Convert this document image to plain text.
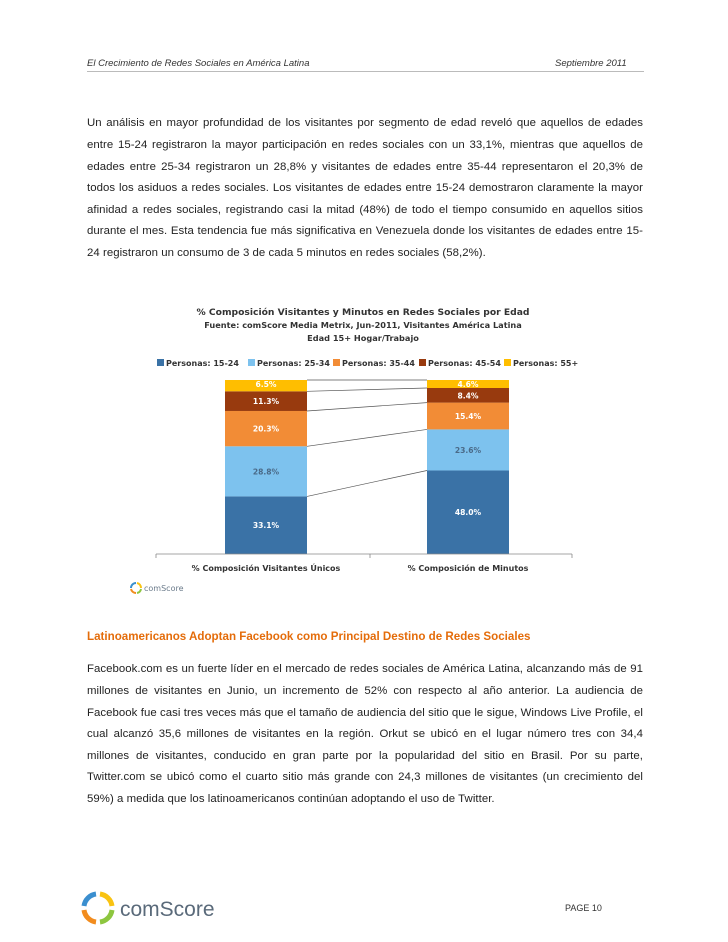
El Crecimiento de Redes Sociales en América Latina	Septiembre 2011

Un análisis en mayor profundidad de los visitantes por segmento de edad reveló que aquellos de edades entre 15-24 registraron la mayor participación en redes sociales con un 33,1%, mientras que aquellos de edades entre 25-34 registraron un 28,8% y visitantes de edades entre 35-44 representaron el 20,3% de todos los asiduos a redes sociales. Los visitantes de edades entre 15-24 demostraron claramente la mayor afinidad a redes sociales, registrando casi la mitad (48%) de todo el tiempo consumido en aquellos sitios durante el mes. Esta tendencia fue más significativa en Venezuela donde los visitantes de edades entre 15-24 registraron un consumo de 3 de cada 5 minutos en redes sociales (58,2%).

% Composición Visitantes y Minutos en Redes Sociales por Edad
Fuente: comScore Media Metrix, Jun-2011, Visitantes América Latina
Edad 15+ Hogar/Trabajo
Personas: 15-24 Personas: 25-34 Personas: 35-44 Personas: 45-54 Personas: 55+
33.1%
28.8%
20.3%
11.3%
6.5%
48.0%
23.6%
15.4%
8.4%
4.6%
% Composición Visitantes Únicos	% Composición de Minutos
comScore
Latinoamericanos Adoptan Facebook como Principal Destino de Redes Sociales

Facebook.com es un fuerte líder en el mercado de redes sociales de América Latina, alcanzando más de 91 millones de visitantes en Junio, un incremento de 52% con respecto al año anterior. La audiencia de Facebook fue casi tres veces más que el tamaño de audiencia del sitio que le sigue, Windows Live Profile, el cual alcanzó 35,6 millones de visitantes en la región. Orkut se ubicó en el lugar número tres con 34,4 millones de visitantes, conducido en gran parte por la popularidad del sitio en Brasil. Por su parte, Twitter.com se ubicó como el cuarto sitio más grande con 24,3 millones de visitantes (un crecimiento del 59%) a medida que los latinoamericanos continúan adoptando el uso de Twitter.

comScore	PAGE 10
